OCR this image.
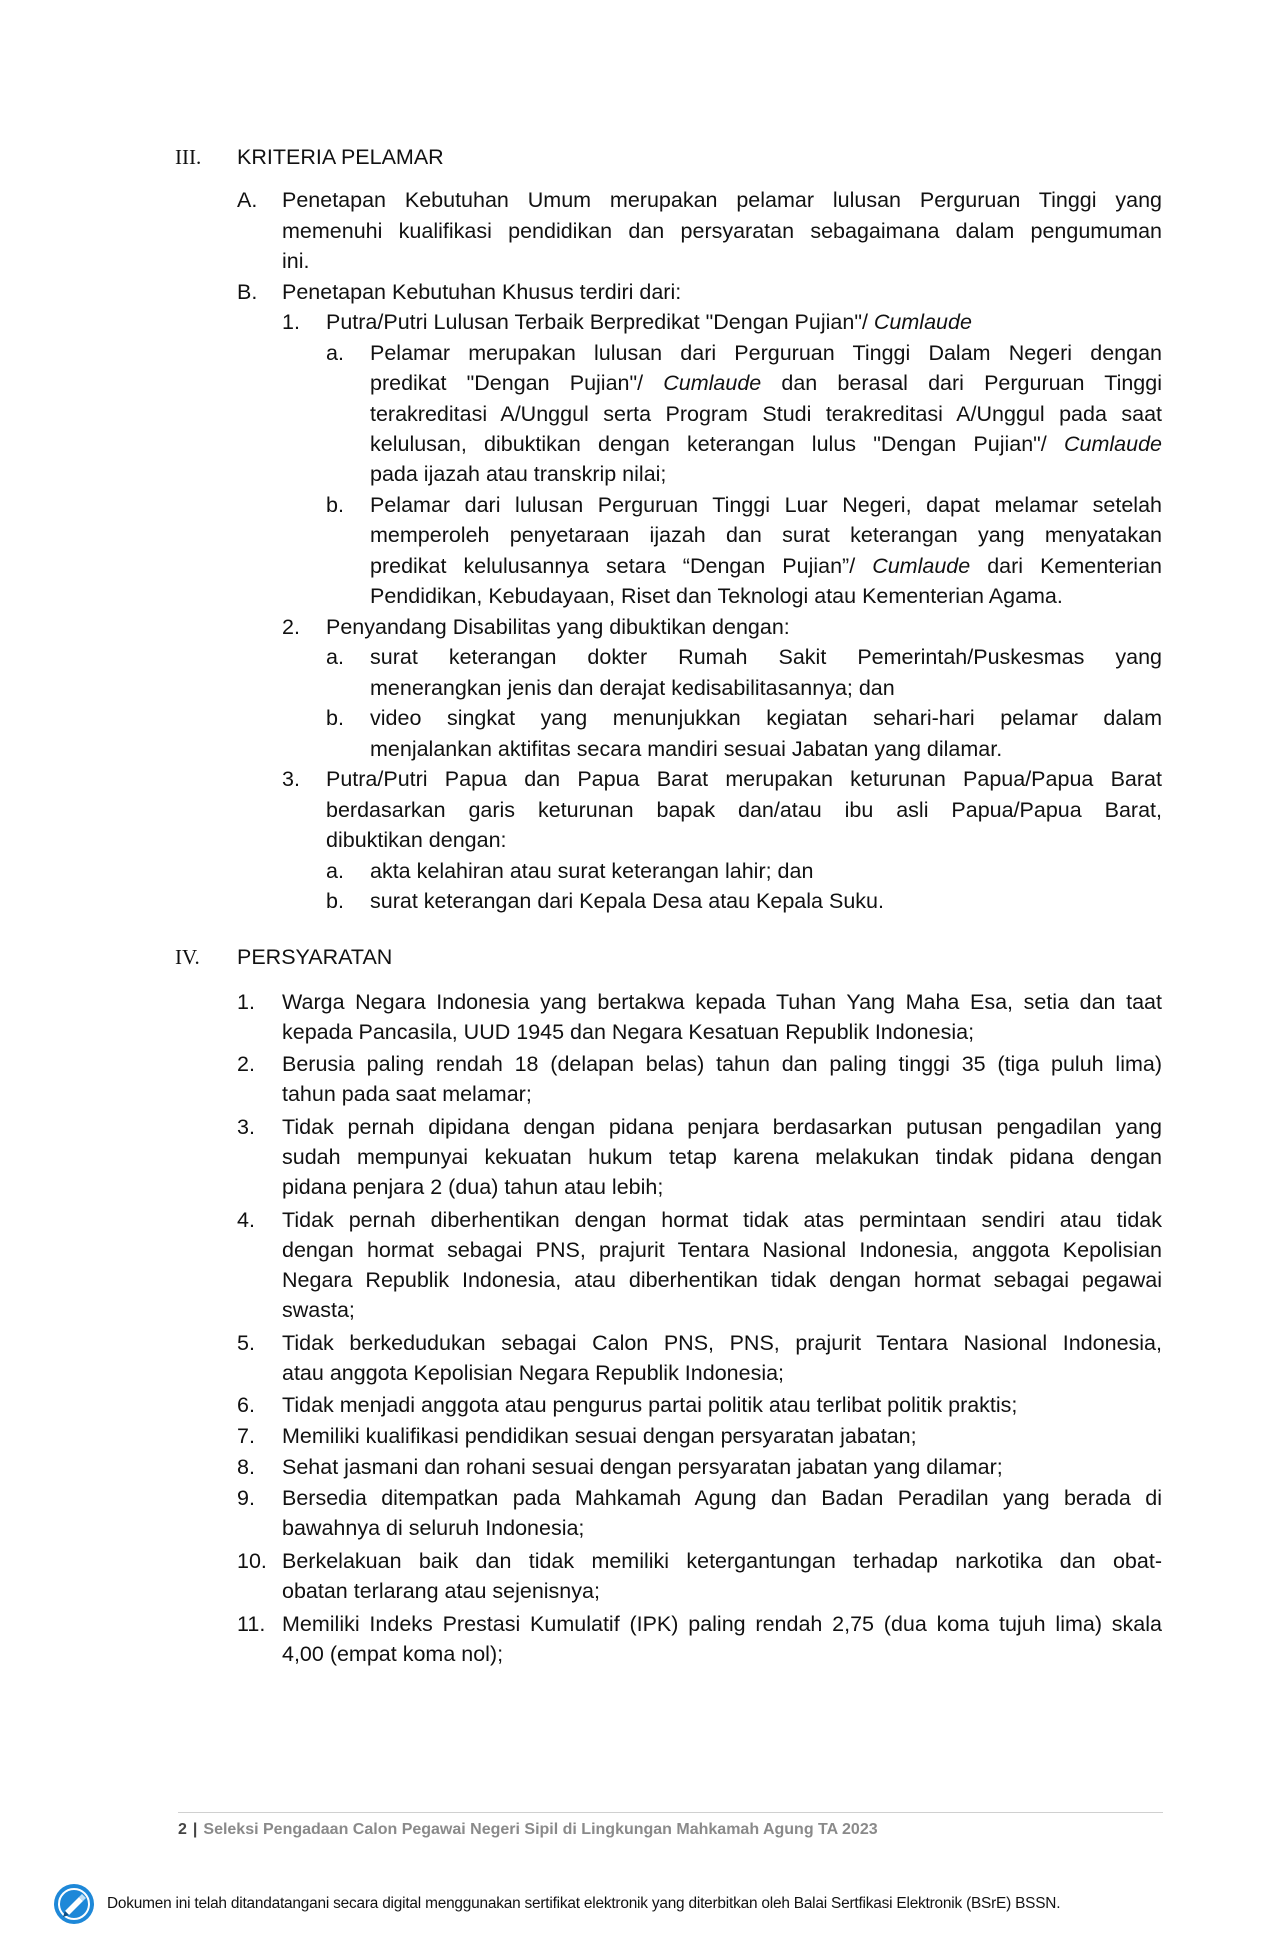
III. KRITERIA PELAMAR
A. Penetapan Kebutuhan Umum merupakan pelamar lulusan Perguruan Tinggi yang
memenuhi kualifikasi pendidikan dan persyaratan sebagaimana dalam pengumuman
ini.
B. Penetapan Kebutuhan Khusus terdiri dari:
1. Putra/Putri Lulusan Terbaik Berpredikat "Dengan Pujian"/ Cumlaude
a. Pelamar merupakan lulusan dari Perguruan Tinggi Dalam Negeri dengan
predikat "Dengan Pujian"/ Cumlaude dan berasal dari Perguruan Tinggi
terakreditasi A/Unggul serta Program Studi terakreditasi A/Unggul pada saat
kelulusan, dibuktikan dengan keterangan lulus "Dengan Pujian"/ Cumlaude
pada ijazah atau transkrip nilai;
b. Pelamar dari lulusan Perguruan Tinggi Luar Negeri, dapat melamar setelah
memperoleh penyetaraan ijazah dan surat keterangan yang menyatakan
predikat kelulusannya setara “Dengan Pujian”/ Cumlaude dari Kementerian
Pendidikan, Kebudayaan, Riset dan Teknologi atau Kementerian Agama.
2. Penyandang Disabilitas yang dibuktikan dengan:
a. surat keterangan dokter Rumah Sakit Pemerintah/Puskesmas yang
menerangkan jenis dan derajat kedisabilitasannya; dan
b. video singkat yang menunjukkan kegiatan sehari-hari pelamar dalam
menjalankan aktifitas secara mandiri sesuai Jabatan yang dilamar.
3. Putra/Putri Papua dan Papua Barat merupakan keturunan Papua/Papua Barat
berdasarkan garis keturunan bapak dan/atau ibu asli Papua/Papua Barat,
dibuktikan dengan:
a. akta kelahiran atau surat keterangan lahir; dan
b. surat keterangan dari Kepala Desa atau Kepala Suku.
IV. PERSYARATAN
1. Warga Negara Indonesia yang bertakwa kepada Tuhan Yang Maha Esa, setia dan taat
kepada Pancasila, UUD 1945 dan Negara Kesatuan Republik Indonesia;
2. Berusia paling rendah 18 (delapan belas) tahun dan paling tinggi 35 (tiga puluh lima)
tahun pada saat melamar;
3. Tidak pernah dipidana dengan pidana penjara berdasarkan putusan pengadilan yang
sudah mempunyai kekuatan hukum tetap karena melakukan tindak pidana dengan
pidana penjara 2 (dua) tahun atau lebih;
4. Tidak pernah diberhentikan dengan hormat tidak atas permintaan sendiri atau tidak
dengan hormat sebagai PNS, prajurit Tentara Nasional Indonesia, anggota Kepolisian
Negara Republik Indonesia, atau diberhentikan tidak dengan hormat sebagai pegawai
swasta;
5. Tidak berkedudukan sebagai Calon PNS, PNS, prajurit Tentara Nasional Indonesia,
atau anggota Kepolisian Negara Republik Indonesia;
6. Tidak menjadi anggota atau pengurus partai politik atau terlibat politik praktis;
7. Memiliki kualifikasi pendidikan sesuai dengan persyaratan jabatan;
8. Sehat jasmani dan rohani sesuai dengan persyaratan jabatan yang dilamar;
9. Bersedia ditempatkan pada Mahkamah Agung dan Badan Peradilan yang berada di
bawahnya di seluruh Indonesia;
10. Berkelakuan baik dan tidak memiliki ketergantungan terhadap narkotika dan obat-
obatan terlarang atau sejenisnya;
11. Memiliki Indeks Prestasi Kumulatif (IPK) paling rendah 2,75 (dua koma tujuh lima) skala
4,00 (empat koma nol);
2 | Seleksi Pengadaan Calon Pegawai Negeri Sipil di Lingkungan Mahkamah Agung TA 2023
Dokumen ini telah ditandatangani secara digital menggunakan sertifikat elektronik yang diterbitkan oleh Balai Sertfikasi Elektronik (BSrE) BSSN.
